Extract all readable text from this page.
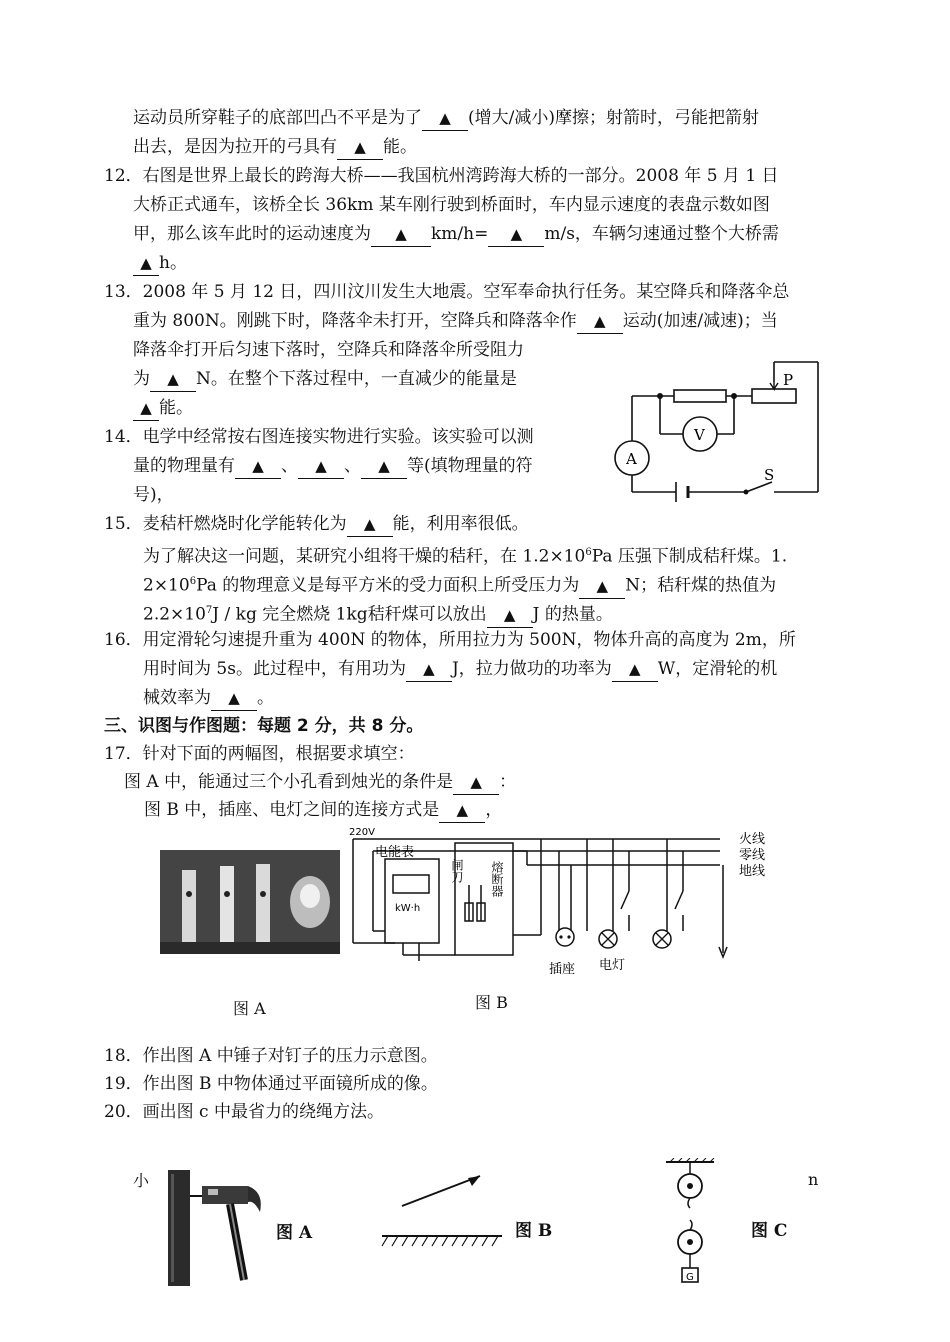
运动员所穿鞋子的底部凹凸不平是为了 ▲ (增大/减小)摩擦；射箭时，弓能把箭射
出去，是因为拉开的弓具有 ▲ 能。
12．右图是世界上最长的跨海大桥——我国杭州湾跨海大桥的一部分。2008 年 5 月 1 日
大桥正式通车，该桥全长 36km 某车刚行驶到桥面时，车内显示速度的表盘示数如图
甲，那么该车此时的运动速度为 ▲ km/h= ▲ m/s，车辆匀速通过整个大桥需
▲ h。
13．2008 年 5 月 12 日，四川汶川发生大地震。空军奉命执行任务。某空降兵和降落伞总
重为 800N。刚跳下时，降落伞未打开，空降兵和降落伞作 ▲ 运动(加速/减速)；当
降落伞打开后匀速下落时，空降兵和降落伞所受阻力
为 ▲ N。在整个下落过程中，一直减少的能量是
▲ 能。
P
V
A
S
14．电学中经常按右图连接实物进行实验。该实验可以测
量的物理量有 ▲ 、 ▲ 、 ▲ 等(填物理量的符
号)，
15．麦秸杆燃烧时化学能转化为 ▲ 能，利用率很低。
为了解决这一问题，某研究小组将干燥的秸秆，在 $1.2\times 10^6Pa$ 压强下制成秸秆煤。1.
$2\times 10^6Pa$ 的物理意义是每平方米的受力面积上所受压力为 ▲ N；秸秆煤的热值为
$2.2\times 10^7J$ / kg 完全燃烧 1kg秸秆煤可以放出 ▲ J 的热量。
16．用定滑轮匀速提升重为 400N 的物体，所用拉力为 500N，物体升高的高度为 2m，所
用时间为 5s。此过程中，有用功为 ▲ J，拉力做功的功率为 ▲ W，定滑轮的机
械效率为 ▲ 。
三、识图与作图题：每题 2 分，共 8 分。
17．针对下面的两幅图，根据要求填空：
图 A 中，能通过三个小孔看到烛光的条件是 ▲ ：
图 B 中，插座、电灯之间的连接方式是 ▲ ，
220V
电能表
kW·h
闸刀 熔断器
火线
零线
地线
插座 电灯
图 A	图 B
18．作出图 A 中锤子对钉子的压力示意图。
19．作出图 B 中物体通过平面镜所成的像。
20．画出图 c 中最省力的绕绳方法。
小	n
图 A	图 B
G
图 C
